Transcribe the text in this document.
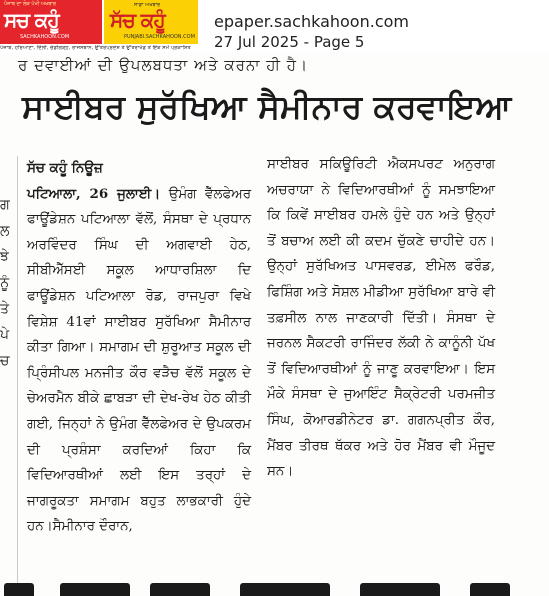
ਪੰਜਾਬ ਦਾ ਲੋਕ ਪੱਖੀ ਅਖ਼ਬਾਰ
ਸਚ ਕਹੂੰ
SACHKAHOON.COM
ਸਾਡਾ ਅਖ਼ਬਾਰ
ਸੱਚ ਕਹੂੰ
PUNJABI.SACHKAHOON.COM
ਪੰਜਾਬ, ਹਰਿਆਣਾ, ਦਿੱਲੀ, ਚੰਡੀਗੜ੍ਹ, ਰਾਜਸਥਾਨ, ਉੱਤਰਪ੍ਰਦੇਸ਼ ਤੇ ਉੱਤਰਾਖੰਡ ਤੋਂ ਇੱਕੋ ਸਮੇਂ ਪ੍ਰਕਾਸ਼ਿਤ
epaper.sachkahoon.com
27 Jul 2025 - Page 5
ਰ ਦਵਾਈਆਂ ਦੀ ਉਪਲਬਧਤਾ ਅਤੇ ਕਰਨਾ ਹੀ ਹੈ।
ਗ
ਲ
ਝੇ
ਨੂੰ
ਤੇ
ਪੇ
ਚ
ਸਾਈਬਰ ਸੁਰੱਖਿਆ ਸੈਮੀਨਾਰ ਕਰਵਾਇਆ
ਸੱਚ ਕਹੂੰ ਨਿਊਜ਼
ਪਟਿਆਲਾ, 26 ਜੁਲਾਈ। ਉਮੰਗ ਵੈੱਲਫੇਅਰ ਫਾਊਂਡੇਸ਼ਨ ਪਟਿਆਲਾ ਵੱਲੋਂ, ਸੰਸਥਾ ਦੇ ਪ੍ਰਧਾਨ ਅਰਵਿੰਦਰ ਸਿੰਘ ਦੀ ਅਗਵਾਈ ਹੇਠ, ਸੀਬੀਐੱਸਈ ਸਕੂਲ ਆਧਾਰਸ਼ਿਲਾ ਦਿ ਫਾਊਂਡੇਸ਼ਨ ਪਟਿਆਲਾ ਰੋਡ, ਰਾਜਪੁਰਾ ਵਿਖੇ ਵਿਸ਼ੇਸ਼ 41ਵਾਂ ਸਾਈਬਰ ਸੁਰੱਖਿਆ ਸੈਮੀਨਾਰ ਕੀਤਾ ਗਿਆ। ਸਮਾਗਮ ਦੀ ਸ਼ੁਰੂਆਤ ਸਕੂਲ ਦੀ ਪ੍ਰਿੰਸੀਪਲ ਮਨਜੀਤ ਕੌਰ ਵੜੈਚ ਵੱਲੋਂ ਸਕੂਲ ਦੇ ਚੇਅਰਮੈਨ ਬੀਕੇ ਛਾਬੜਾ ਦੀ ਦੇਖ-ਰੇਖ ਹੇਠ ਕੀਤੀ ਗਈ, ਜਿਨ੍ਹਾਂ ਨੇ ਉਮੰਗ ਵੈੱਲਫੇਅਰ ਦੇ ਉਪਕਰਮ ਦੀ ਪ੍ਰਸ਼ੰਸਾ ਕਰਦਿਆਂ ਕਿਹਾ ਕਿ ਵਿਦਿਆਰਥੀਆਂ ਲਈ ਇਸ ਤਰ੍ਹਾਂ ਦੇ ਜਾਗਰੂਕਤਾ ਸਮਾਗਮ ਬਹੁਤ ਲਾਭਕਾਰੀ ਹੁੰਦੇ ਹਨ।ਸੈਮੀਨਾਰ ਦੌਰਾਨ,
ਸਾਈਬਰ ਸਕਿਊਰਿਟੀ ਐਕਸਪਰਟ ਅਨੁਰਾਗ ਅਚਰਾਯਾ ਨੇ ਵਿਦਿਆਰਥੀਆਂ ਨੂੰ ਸਮਝਾਇਆ ਕਿ ਕਿਵੇਂ ਸਾਈਬਰ ਹਮਲੇ ਹੁੰਦੇ ਹਨ ਅਤੇ ਉਨ੍ਹਾਂ ਤੋਂ ਬਚਾਅ ਲਈ ਕੀ ਕਦਮ ਚੁੱਕਣੇ ਚਾਹੀਦੇ ਹਨ। ਉਨ੍ਹਾਂ ਸੁਰੱਖਿਅਤ ਪਾਸਵਰਡ, ਈਮੇਲ ਫਰੌਡ, ਫਿਸ਼ਿੰਗ ਅਤੇ ਸੋਸ਼ਲ ਮੀਡੀਆ ਸੁਰੱਖਿਆ ਬਾਰੇ ਵੀ ਤਫ਼ਸੀਲ ਨਾਲ ਜਾਣਕਾਰੀ ਦਿੱਤੀ। ਸੰਸਥਾ ਦੇ ਜਰਨਲ ਸੈਕਟਰੀ ਰਾਜਿੰਦਰ ਲੱਕੀ ਨੇ ਕਾਨੂੰਨੀ ਪੱਖ ਤੋਂ ਵਿਦਿਆਰਥੀਆਂ ਨੂੰ ਜਾਣੂ ਕਰਵਾਇਆ। ਇਸ ਮੌਕੇ ਸੰਸਥਾ ਦੇ ਜੁਆਇੰਟ ਸੈਕ੍ਰੇਟਰੀ ਪਰਮਜੀਤ ਸਿੰਘ, ਕੋਆਰਡੀਨੇਟਰ ਡਾ. ਗਗਨਪ੍ਰੀਤ ਕੌਰ, ਮੈਂਬਰ ਤੀਰਥ ਥੱਕਰ ਅਤੇ ਹੋਰ ਮੈਂਬਰ ਵੀ ਮੌਜੂਦ ਸਨ।
